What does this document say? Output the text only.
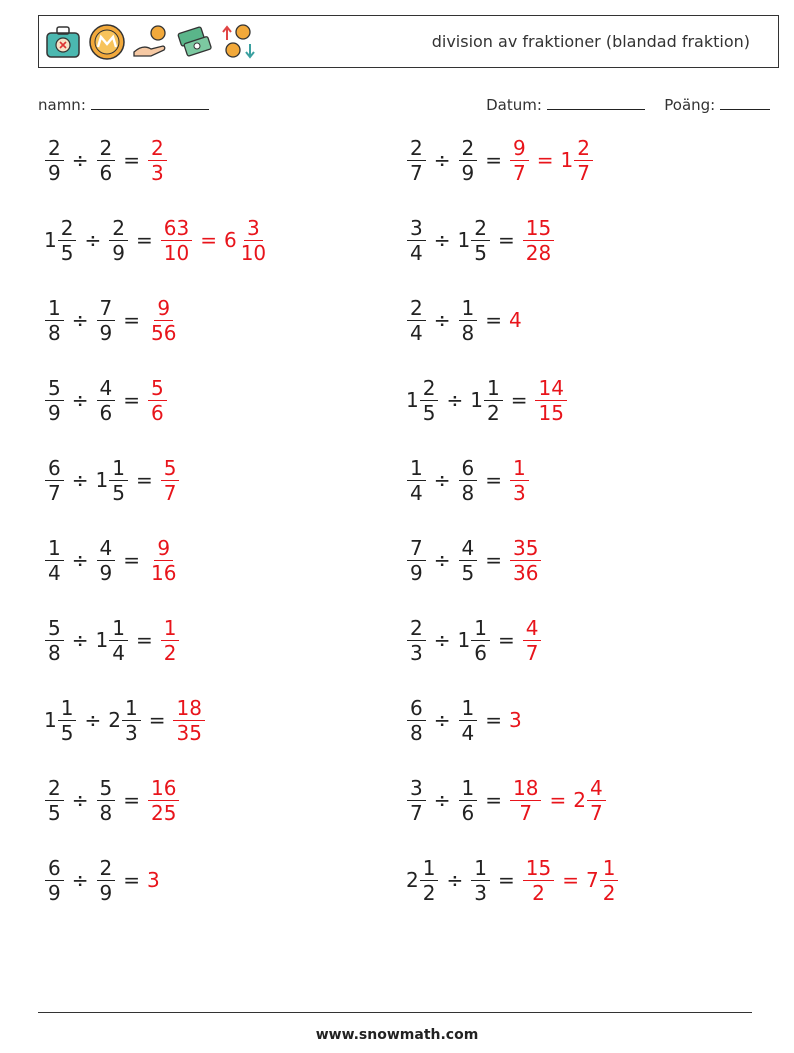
division av fraktioner (blandad fraktion)
namn:	Datum:	Poäng:
$\frac{2}{9} \div \frac{2}{6} = \frac{2}{3}$	$\frac{2}{7} \div \frac{2}{9} = \frac{9}{7} = 1 \frac{2}{7}$
$1 \frac{2}{5} \div \frac{2}{9} = \frac{63}{10} = 6 \frac{3}{10}$	$\frac{3}{4} \div 1 \frac{2}{5} = \frac{15}{28}$
$\frac{1}{8} \div \frac{7}{9} = \frac{9}{56}$	$\frac{2}{4} \div \frac{1}{8} = 4$
$\frac{5}{9} \div \frac{4}{6} = \frac{5}{6}$	$1 \frac{2}{5} \div 1 \frac{1}{2} = \frac{14}{15}$
$\frac{6}{7} \div 1 \frac{1}{5} = \frac{5}{7}$	$\frac{1}{4} \div \frac{6}{8} = \frac{1}{3}$
$\frac{1}{4} \div \frac{4}{9} = \frac{9}{16}$	$\frac{7}{9} \div \frac{4}{5} = \frac{35}{36}$
$\frac{5}{8} \div 1 \frac{1}{4} = \frac{1}{2}$	$\frac{2}{3} \div 1 \frac{1}{6} = \frac{4}{7}$
$1 \frac{1}{5} \div 2 \frac{1}{3} = \frac{18}{35}$	$\frac{6}{8} \div \frac{1}{4} = 3$
$\frac{2}{5} \div \frac{5}{8} = \frac{16}{25}$	$\frac{3}{7} \div \frac{1}{6} = \frac{18}{7} = 2 \frac{4}{7}$
$\frac{6}{9} \div \frac{2}{9} = 3$	$2 \frac{1}{2} \div \frac{1}{3} = \frac{15}{2} = 7 \frac{1}{2}$
www.snowmath.com
